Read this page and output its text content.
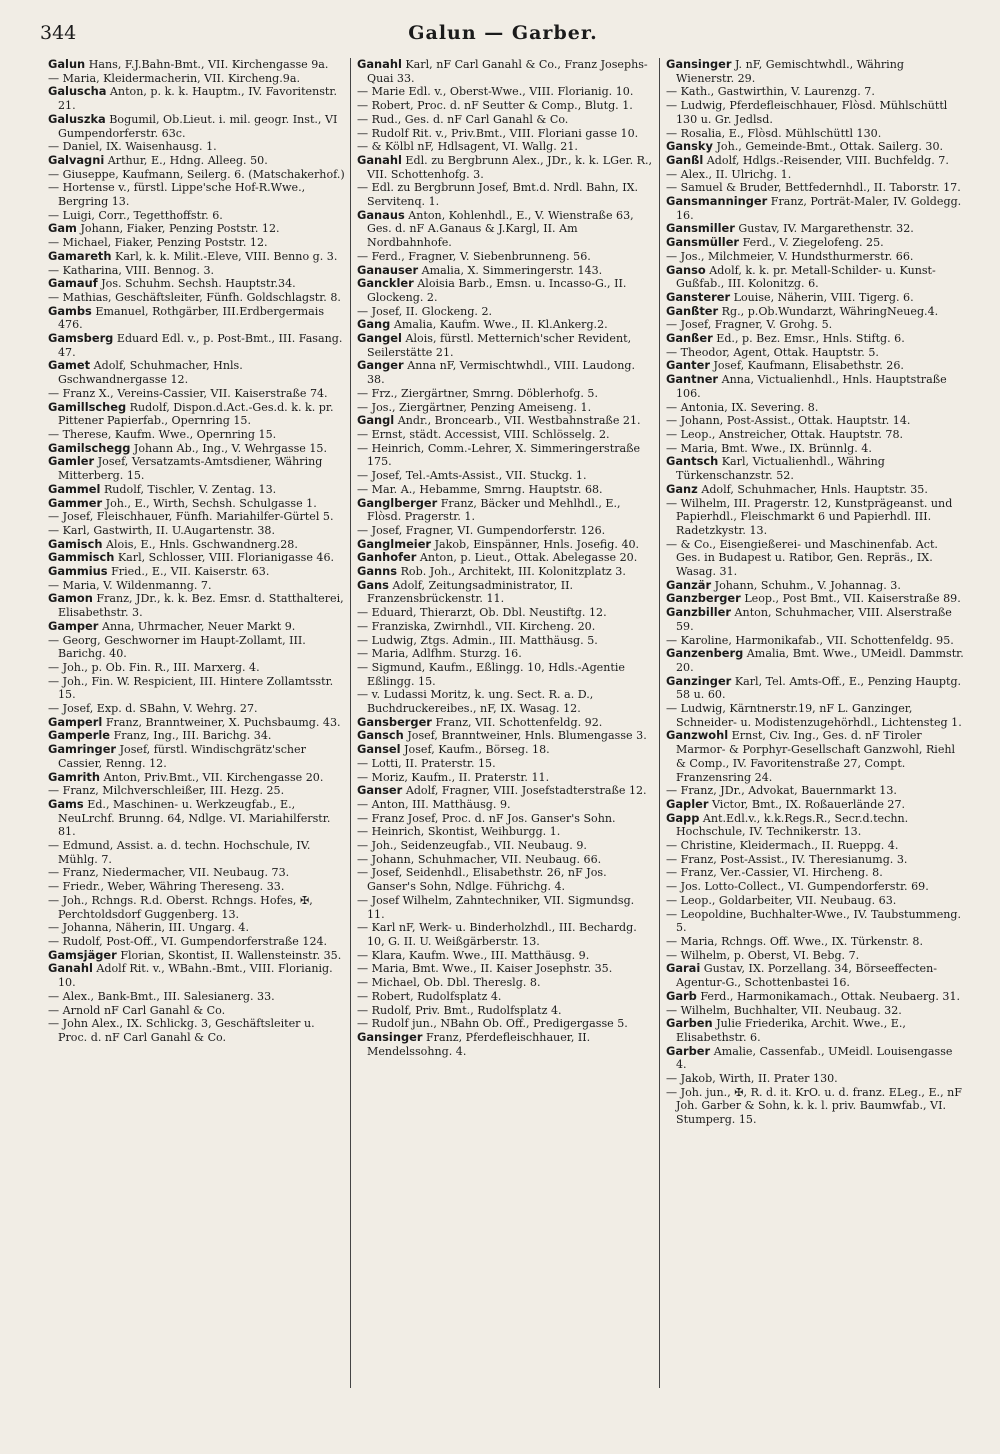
344	Galun — Garber.

Galun Hans, F.J.Bahn-Bmt., VII. Kirchengasse 9a.

— Maria, Kleidermacherin, VII. Kircheng.9a.

Galuscha Anton, p. k. k. Hauptm., IV. Favoritenstr. 21.

Galuszka Bogumil, Ob.Lieut. i. mil. geogr. Inst., VI Gumpendorferstr. 63c.

— Daniel, IX. Waisenhausg. 1.

Galvagni Arthur, E., Hdng. Alleeg. 50.

— Giuseppe, Kaufmann, Seilerg. 6. (Matschakerhof.)

— Hortense v., fürstl. Lippe'sche Hof-R.Wwe., Bergring 13.

— Luigi, Corr., Tegetthoffstr. 6.

Gam Johann, Fiaker, Penzing Poststr. 12.

— Michael, Fiaker, Penzing Poststr. 12.

Gamareth Karl, k. k. Milit.-Eleve, VIII. Benno g. 3.

— Katharina, VIII. Bennog. 3.

Gamauf Jos. Schuhm. Sechsh. Hauptstr.34.

— Mathias, Geschäftsleiter, Fünfh. Goldschlagstr. 8.

Gambs Emanuel, Rothgärber, III.Erdbergermais 476.

Gamsberg Eduard Edl. v., p. Post-Bmt., III. Fasang. 47.

Gamet Adolf, Schuhmacher, Hnls. Gschwandnergasse 12.

— Franz X., Vereins-Cassier, VII. Kaiserstraße 74.

Gamillscheg Rudolf, Dispon.d.Act.-Ges.d. k. k. pr. Pittener Papierfab., Opernring 15.

— Therese, Kaufm. Wwe., Opernring 15.

Gamilschegg Johann Ab., Ing., V. Wehrgasse 15.

Gamler Josef, Versatzamts-Amtsdiener, Währing Mitterberg. 15.

Gammel Rudolf, Tischler, V. Zentag. 13.

Gammer Joh., E., Wirth, Sechsh. Schulgasse 1.

— Josef, Fleischhauer, Fünfh. Mariahilfer-Gürtel 5.

— Karl, Gastwirth, II. U.Augartenstr. 38.

Gamisch Alois, E., Hnls. Gschwandnerg.28.

Gammisch Karl, Schlosser, VIII. Florianigasse 46.

Gammius Fried., E., VII. Kaiserstr. 63.

— Maria, V. Wildenmanng. 7.

Gamon Franz, JDr., k. k. Bez. Emsr. d. Statthalterei, Elisabethstr. 3.

Gamper Anna, Uhrmacher, Neuer Markt 9.

— Georg, Geschworner im Haupt-Zollamt, III. Barichg. 40.

— Joh., p. Ob. Fin. R., III. Marxerg. 4.

— Joh., Fin. W. Respicient, III. Hintere Zollamtsstr. 15.

— Josef, Exp. d. SBahn, V. Wehrg. 27.

Gamperl Franz, Branntweiner, X. Puchsbaumg. 43.

Gamperle Franz, Ing., III. Barichg. 34.

Gamringer Josef, fürstl. Windischgrätz'scher Cassier, Renng. 12.

Gamrith Anton, Priv.Bmt., VII. Kirchengasse 20.

— Franz, Milchverschleißer, III. Hezg. 25.

Gams Ed., Maschinen- u. Werkzeugfab., E., NeuLrchf. Brunng. 64, Ndlge. VI. Mariahilferstr. 81.

— Edmund, Assist. a. d. techn. Hochschule, IV. Mühlg. 7.

— Franz, Niedermacher, VII. Neubaug. 73.

— Friedr., Weber, Währing Thereseng. 33.

— Joh., Rchngs. R.d. Oberst. Rchngs. Hofes, ✠, Perchtoldsdorf Guggenberg. 13.

— Johanna, Näherin, III. Ungarg. 4.

— Rudolf, Post-Off., VI. Gumpendorferstraße 124.

Gamsjäger Florian, Skontist, II. Wallensteinstr. 35.

Ganahl Adolf Rit. v., WBahn.-Bmt., VIII. Florianig. 10.

— Alex., Bank-Bmt., III. Salesianerg. 33.

— Arnold nF Carl Ganahl & Co.

— John Alex., IX. Schlickg. 3, Geschäftsleiter u. Proc. d. nF Carl Ganahl & Co.

Ganahl Karl, nF Carl Ganahl & Co., Franz Josephs-Quai 33.

— Marie Edl. v., Oberst-Wwe., VIII. Florianig. 10.

— Robert, Proc. d. nF Seutter & Comp., Blutg. 1.

— Rud., Ges. d. nF Carl Ganahl & Co.

— Rudolf Rit. v., Priv.Bmt., VIII. Floriani gasse 10.

— & Kölbl nF, Hdlsagent, VI. Wallg. 21.

Ganahl Edl. zu Bergbrunn Alex., JDr., k. k. LGer. R., VII. Schottenhofg. 3.

— Edl. zu Bergbrunn Josef, Bmt.d. Nrdl. Bahn, IX. Servitenq. 1.

Ganaus Anton, Kohlenhdl., E., V. Wienstraße 63, Ges. d. nF A.Ganaus & J.Kargl, II. Am Nordbahnhofe.

— Ferd., Fragner, V. Siebenbrunneng. 56.

Ganauser Amalia, X. Simmeringerstr. 143.

Ganckler Aloisia Barb., Emsn. u. Incasso-G., II. Glockeng. 2.

— Josef, II. Glockeng. 2.

Gang Amalia, Kaufm. Wwe., II. Kl.Ankerg.2.

Gangel Alois, fürstl. Metternich'scher Revident, Seilerstätte 21.

Ganger Anna nF, Vermischtwhdl., VIII. Laudong. 38.

— Frz., Ziergärtner, Smrng. Döblerhofg. 5.

— Jos., Ziergärtner, Penzing Ameiseng. 1.

Gangl Andr., Broncearb., VII. Westbahnstraße 21.

— Ernst, städt. Accessist, VIII. Schlösselg. 2.

— Heinrich, Comm.-Lehrer, X. Simmeringerstraße 175.

— Josef, Tel.-Amts-Assist., VII. Stuckg. 1.

— Mar. A., Hebamme, Smrng. Hauptstr. 68.

Ganglberger Franz, Bäcker und Mehlhdl., E., Flòsd. Pragerstr. 1.

— Josef, Fragner, VI. Gumpendorferstr. 126.

Ganglmeier Jakob, Einspänner, Hnls. Josefig. 40.

Ganhofer Anton, p. Lieut., Ottak. Abelegasse 20.

Ganns Rob. Joh., Architekt, III. Kolonitzplatz 3.

Gans Adolf, Zeitungsadministrator, II. Franzensbrückenstr. 11.

— Eduard, Thierarzt, Ob. Dbl. Neustiftg. 12.

— Franziska, Zwirnhdl., VII. Kircheng. 20.

— Ludwig, Ztgs. Admin., III. Matthäusg. 5.

— Maria, Adlfhm. Sturzg. 16.

— Sigmund, Kaufm., Eßlingg. 10, Hdls.-Agentie Eßlingg. 15.

— v. Ludassi Moritz, k. ung. Sect. R. a. D., Buchdruckereibes., nF, IX. Wasag. 12.

Gansberger Franz, VII. Schottenfeldg. 92.

Gansch Josef, Branntweiner, Hnls. Blumengasse 3.

Gansel Josef, Kaufm., Börseg. 18.

— Lotti, II. Praterstr. 15.

— Moriz, Kaufm., II. Praterstr. 11.

Ganser Adolf, Fragner, VIII. Josefstadterstraße 12.

— Anton, III. Matthäusg. 9.

— Franz Josef, Proc. d. nF Jos. Ganser's Sohn.

— Heinrich, Skontist, Weihburgg. 1.

— Joh., Seidenzeugfab., VII. Neubaug. 9.

— Johann, Schuhmacher, VII. Neubaug. 66.

— Josef, Seidenhdl., Elisabethstr. 26, nF Jos. Ganser's Sohn, Ndlge. Führichg. 4.

— Josef Wilhelm, Zahntechniker, VII. Sigmundsg. 11.

— Karl nF, Werk- u. Binderholzhdl., III. Bechardg. 10, G. II. U. Weißgärberstr. 13.

— Klara, Kaufm. Wwe., III. Matthäusg. 9.

— Maria, Bmt. Wwe., II. Kaiser Josephstr. 35.

— Michael, Ob. Dbl. Thereslg. 8.

— Robert, Rudolfsplatz 4.

— Rudolf, Priv. Bmt., Rudolfsplatz 4.

— Rudolf jun., NBahn Ob. Off., Predigergasse 5.

Gansinger Franz, Pferdefleischhauer, II. Mendelssohng. 4.

Gansinger J. nF, Gemischtwhdl., Währing Wienerstr. 29.

— Kath., Gastwirthin, V. Laurenzg. 7.

— Ludwig, Pferdefleischhauer, Flòsd. Mühlschüttl 130 u. Gr. Jedlsd.

— Rosalia, E., Flòsd. Mühlschüttl 130.

Gansky Joh., Gemeinde-Bmt., Ottak. Sailerg. 30.

Ganßl Adolf, Hdlgs.-Reisender, VIII. Buchfeldg. 7.

— Alex., II. Ulrichg. 1.

— Samuel & Bruder, Bettfedernhdl., II. Taborstr. 17.

Gansmanninger Franz, Porträt-Maler, IV. Goldegg. 16.

Gansmiller Gustav, IV. Margarethenstr. 32.

Gansmüller Ferd., V. Ziegelofeng. 25.

— Jos., Milchmeier, V. Hundsthurmerstr. 66.

Ganso Adolf, k. k. pr. Metall-Schilder- u. Kunst-Gußfab., III. Kolonitzg. 6.

Gansterer Louise, Näherin, VIII. Tigerg. 6.

Ganßter Rg., p.Ob.Wundarzt, WähringNeueg.4.

— Josef, Fragner, V. Grohg. 5.

Ganßer Ed., p. Bez. Emsr., Hnls. Stiftg. 6.

— Theodor, Agent, Ottak. Hauptstr. 5.

Ganter Josef, Kaufmann, Elisabethstr. 26.

Gantner Anna, Victualienhdl., Hnls. Hauptstraße 106.

— Antonia, IX. Severing. 8.

— Johann, Post-Assist., Ottak. Hauptstr. 14.

— Leop., Anstreicher, Ottak. Hauptstr. 78.

— Maria, Bmt. Wwe., IX. Brünnlg. 4.

Gantsch Karl, Victualienhdl., Währing Türkenschanzstr. 52.

Ganz Adolf, Schuhmacher, Hnls. Hauptstr. 35.

— Wilhelm, III. Pragerstr. 12, Kunstprägeanst. und Papierhdl., Fleischmarkt 6 und Papierhdl. III. Radetzkystr. 13.

— & Co., Eisengießerei- und Maschinenfab. Act. Ges. in Budapest u. Ratibor, Gen. Repräs., IX. Wasag. 31.

Ganzär Johann, Schuhm., V. Johannag. 3.

Ganzberger Leop., Post Bmt., VII. Kaiserstraße 89.

Ganzbiller Anton, Schuhmacher, VIII. Alserstraße 59.

— Karoline, Harmonikafab., VII. Schottenfeldg. 95.

Ganzenberg Amalia, Bmt. Wwe., UMeidl. Dammstr. 20.

Ganzinger Karl, Tel. Amts-Off., E., Penzing Hauptg. 58 u. 60.

— Ludwig, Kärntnerstr.19, nF L. Ganzinger, Schneider- u. Modistenzugehörhdl., Lichtensteg 1.

Ganzwohl Ernst, Civ. Ing., Ges. d. nF Tiroler Marmor- & Porphyr-Gesellschaft Ganzwohl, Riehl & Comp., IV. Favoritenstraße 27, Compt. Franzensring 24.

— Franz, JDr., Advokat, Bauernmarkt 13.

Gapler Victor, Bmt., IX. Roßauerlände 27.

Gapp Ant.Edl.v., k.k.Regs.R., Secr.d.techn. Hochschule, IV. Technikerstr. 13.

— Christine, Kleidermach., II. Rueppg. 4.

— Franz, Post-Assist., IV. Theresianumg. 3.

— Franz, Ver.-Cassier, VI. Hircheng. 8.

— Jos. Lotto-Collect., VI. Gumpendorferstr. 69.

— Leop., Goldarbeiter, VII. Neubaug. 63.

— Leopoldine, Buchhalter-Wwe., IV. Taubstummeng. 5.

— Maria, Rchngs. Off. Wwe., IX. Türkenstr. 8.

— Wilhelm, p. Oberst, VI. Bebg. 7.

Garai Gustav, IX. Porzellang. 34, Börseeffecten-Agentur-G., Schottenbastei 16.

Garb Ferd., Harmonikamach., Ottak. Neubaerg. 31.

— Wilhelm, Buchhalter, VII. Neubaug. 32.

Garben Julie Friederika, Archit. Wwe., E., Elisabethstr. 6.

Garber Amalie, Cassenfab., UMeidl. Louisengasse 4.

— Jakob, Wirth, II. Prater 130.

— Joh. jun., ✠, R. d. it. KrO. u. d. franz. ELeg., E., nF Joh. Garber & Sohn, k. k. l. priv. Baumwfab., VI. Stumperg. 15.
